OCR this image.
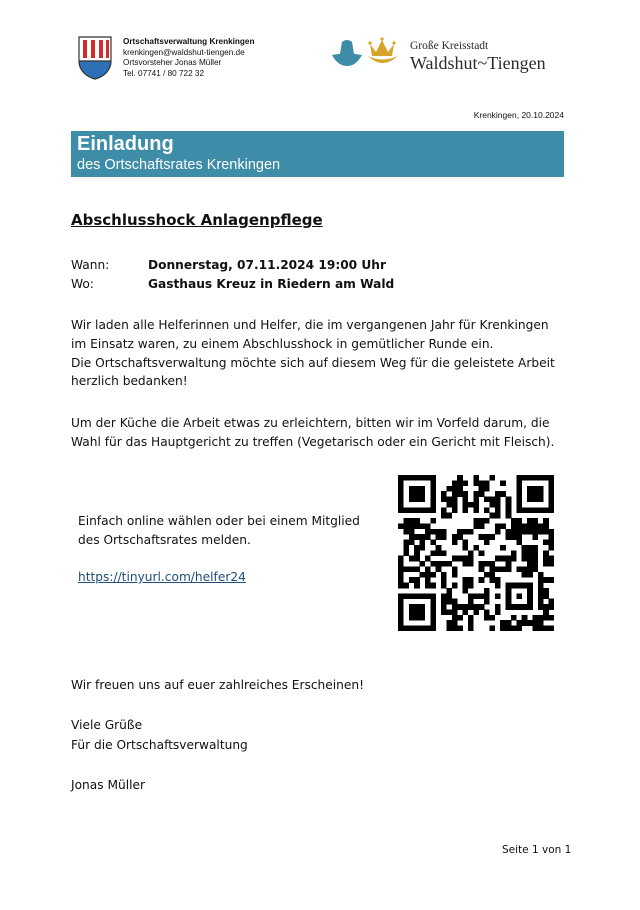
Ortschaftsverwaltung Krenkingen
krenkingen@waldshut-tiengen.de
Ortsvorsteher Jonas Müller
Tel. 07741 / 80 722 32
Große Kreisstadt
Waldshut~Tiengen
Krenkingen, 20.10.2024
Einladung
des Ortschaftsrates Krenkingen
Abschlusshock Anlagenpflege
Wann:	Donnerstag, 07.11.2024 19:00 Uhr
Wo:	Gasthaus Kreuz in Riedern am Wald
Wir laden alle Helferinnen und Helfer, die im vergangenen Jahr für Krenkingen
im Einsatz waren, zu einem Abschlusshock in gemütlicher Runde ein.
Die Ortschaftsverwaltung möchte sich auf diesem Weg für die geleistete Arbeit
herzlich bedanken!
Um der Küche die Arbeit etwas zu erleichtern, bitten wir im Vorfeld darum, die
Wahl für das Hauptgericht zu treffen (Vegetarisch oder ein Gericht mit Fleisch).
Einfach online wählen oder bei einem Mitglied
des Ortschaftsrates melden.
https://tinyurl.com/helfer24
Wir freuen uns auf euer zahlreiches Erscheinen!
Viele Grüße
Für die Ortschaftsverwaltung
Jonas Müller
Seite 1 von 1
